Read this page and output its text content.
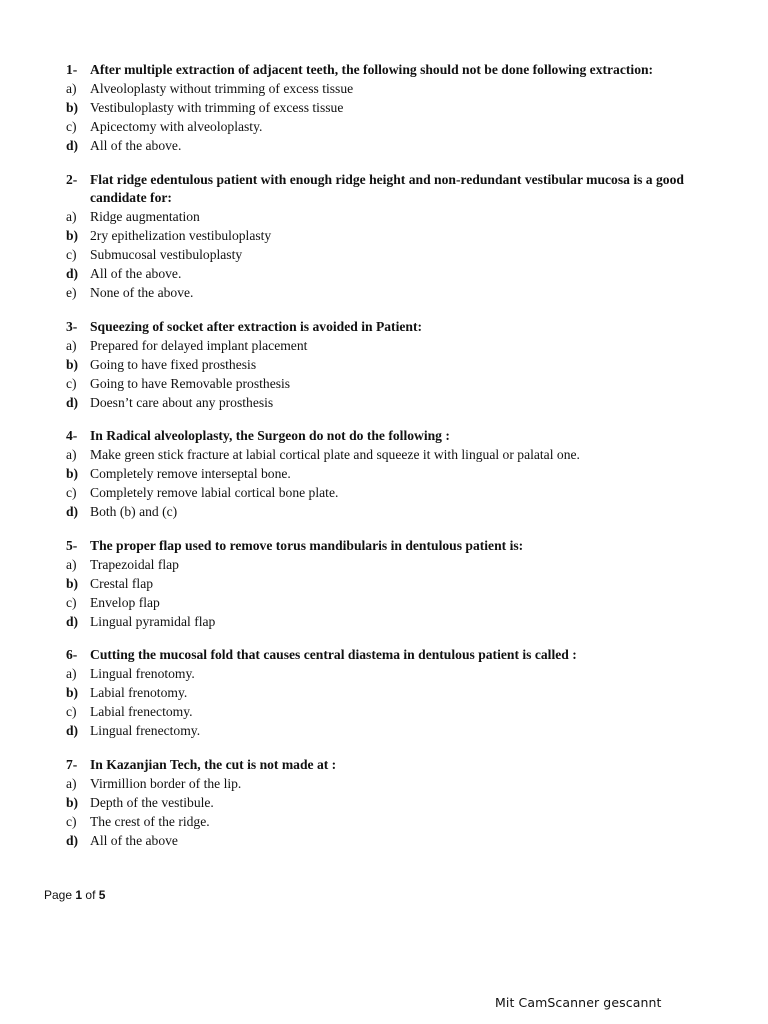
1- After multiple extraction of adjacent teeth, the following should not be done following extraction:
a) Alveoloplasty without trimming of excess tissue
b) Vestibuloplasty with trimming of excess tissue
c) Apicectomy with alveoloplasty.
d) All of the above.
2- Flat ridge edentulous patient with enough ridge height and non-redundant vestibular mucosa is a good candidate for:
a) Ridge augmentation
b) 2ry epithelization vestibuloplasty
c) Submucosal vestibuloplasty
d) All of the above.
e) None of the above.
3- Squeezing of socket after extraction is avoided in Patient:
a) Prepared for delayed implant placement
b) Going to have fixed prosthesis
c) Going to have Removable prosthesis
d) Doesn’t care about any prosthesis
4- In Radical alveoloplasty, the Surgeon do not do the following :
a) Make green stick fracture at labial cortical plate and squeeze it with lingual or palatal one.
b) Completely remove interseptal bone.
c) Completely remove labial cortical bone plate.
d) Both (b) and (c)
5- The proper flap used to remove torus mandibularis in dentulous patient is:
a) Trapezoidal flap
b) Crestal flap
c) Envelop flap
d) Lingual pyramidal flap
6- Cutting the mucosal fold that causes central diastema in dentulous patient is called :
a) Lingual frenotomy.
b) Labial frenotomy.
c) Labial frenectomy.
d) Lingual frenectomy.
7- In Kazanjian Tech, the cut is not made at :
a) Virmillion border of the lip.
b) Depth of the vestibule.
c) The crest of the ridge.
d) All of the above
Page 1 of 5
Mit CamScanner gescannt
